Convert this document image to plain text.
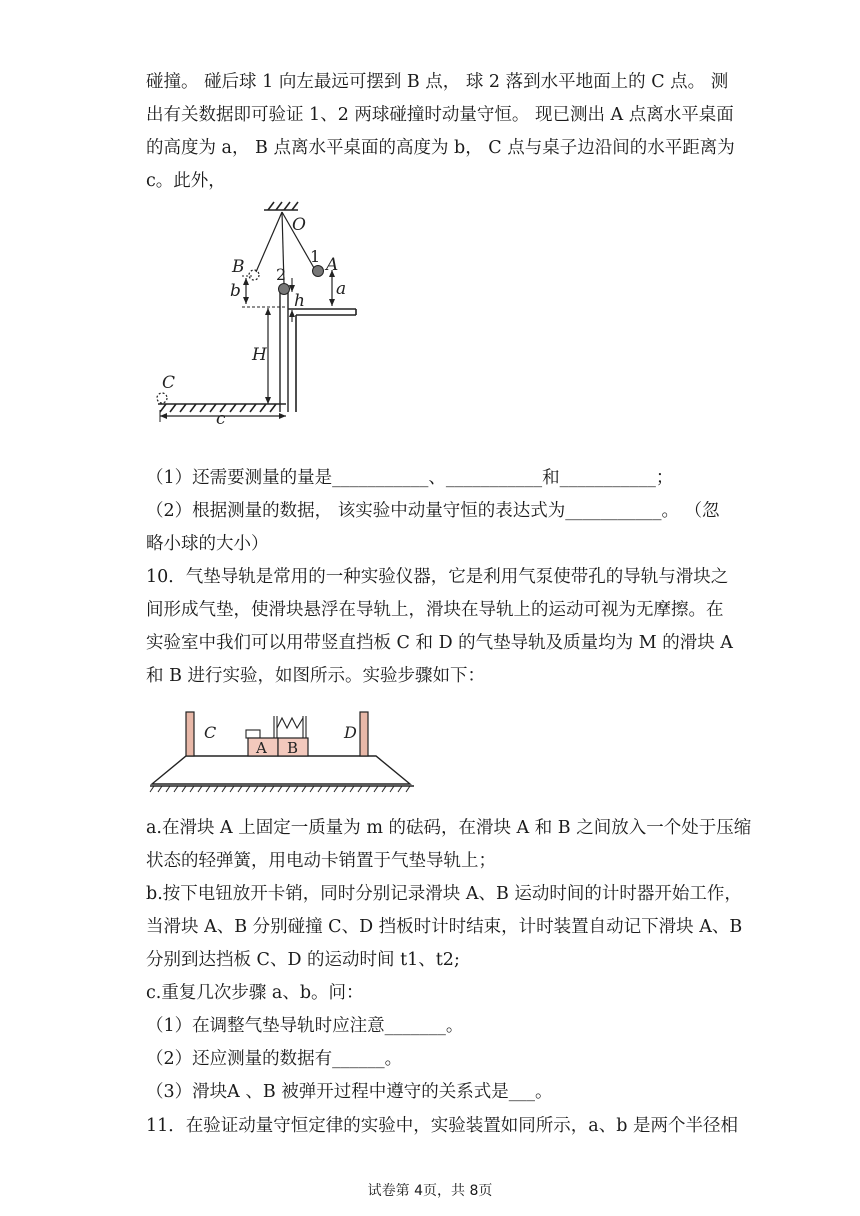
碰撞。 碰后球 1 向左最远可摆到 B 点， 球 2 落到水平地面上的 C 点。 测
出有关数据即可验证 1、2 两球碰撞时动量守恒。 现已测出 A 点离水平桌面
的高度为 a， B 点离水平桌面的高度为 b， C 点与桌子边沿间的水平距离为
c。此外，
O
B	A
b	a
h
H
C
c
1
2
（1）还需要测量的量是___________、___________和___________；
（2）根据测量的数据， 该实验中动量守恒的表达式为___________。 （忽
略小球的大小）
10．气垫导轨是常用的一种实验仪器，它是利用气泵使带孔的导轨与滑块之
间形成气垫，使滑块悬浮在导轨上，滑块在导轨上的运动可视为无摩擦。在
实验室中我们可以用带竖直挡板 C 和 D 的气垫导轨及质量均为 M 的滑块 A
和 B 进行实验，如图所示。实验步骤如下：
A B
C	D
a.在滑块 A 上固定一质量为 m 的砝码，在滑块 A 和 B 之间放入一个处于压缩
状态的轻弹簧，用电动卡销置于气垫导轨上；
b.按下电钮放开卡销，同时分别记录滑块 A、B 运动时间的计时器开始工作，
当滑块 A、B 分别碰撞 C、D 挡板时计时结束，计时装置自动记下滑块 A、B
分别到达挡板 C、D 的运动时间 t1、t2;
c.重复几次步骤 a、b。问：
（1）在调整气垫导轨时应注意_______。
（2）还应测量的数据有______。
（3）滑块A 、B 被弹开过程中遵守的关系式是___。
11．在验证动量守恒定律的实验中，实验装置如同所示，a、b 是两个半径相
试卷第 4页，共 8页
